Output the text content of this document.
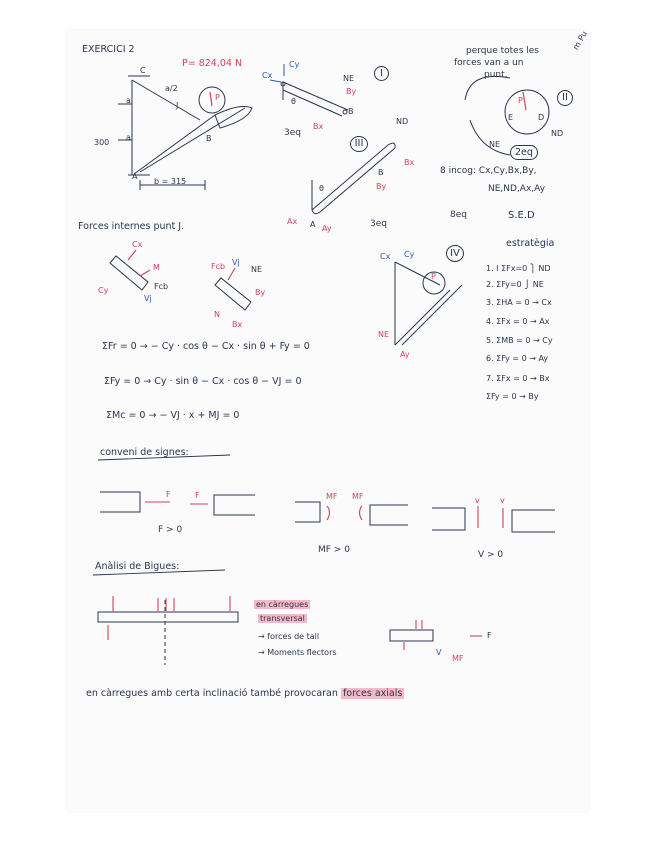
EXERCICI 2
P= 824,04 N
perque totes les
forces van a un
punt.
m Pu
C
a
a
a/2
J
B
A
300
b = 315
P
Cx
Cy
NE
By
Bx
B
θ
I
3eq
P
E	D
NE
ND
II
2eq
ND
Bx
By
B
θ
Ax A Ay
III
3eq
8 incog: Cx,Cy,Bx,By,
NE,ND,Ax,Ay
8eq	S.E.D
Forces internes punt J.
Cx
Cy
M
Fcb
Vj
Fcb Vj
NE
By
N
Bx
Cx Cy
P
NE
Ay
IV
estratègia
1. I ΣFx=0 ⎫ ND
2. ΣFy=0 ⎭ NE
3. ΣHA = 0 → Cx
4. ΣFx = 0 → Ax
5. ΣMB = 0 → Cy
6. ΣFy = 0 → Ay
7. ΣFx = 0 → Bx
ΣFy = 0 → By
ΣFr = 0 → − Cy · cos θ − Cx · sin θ + Fy = 0
ΣFy = 0 → Cy · sin θ − Cx · cos θ − VJ = 0
ΣMc = 0 → − VJ · x + MJ = 0
conveni de signes:
F	F
F > 0
MF MF
MF > 0
v	v
V > 0
Anàlisi de Bigues:
en càrregues
transversal
→ forces de tall
→ Moments flectors	V
MF
F
en càrregues amb certa inclinació també provocaran forces axials
